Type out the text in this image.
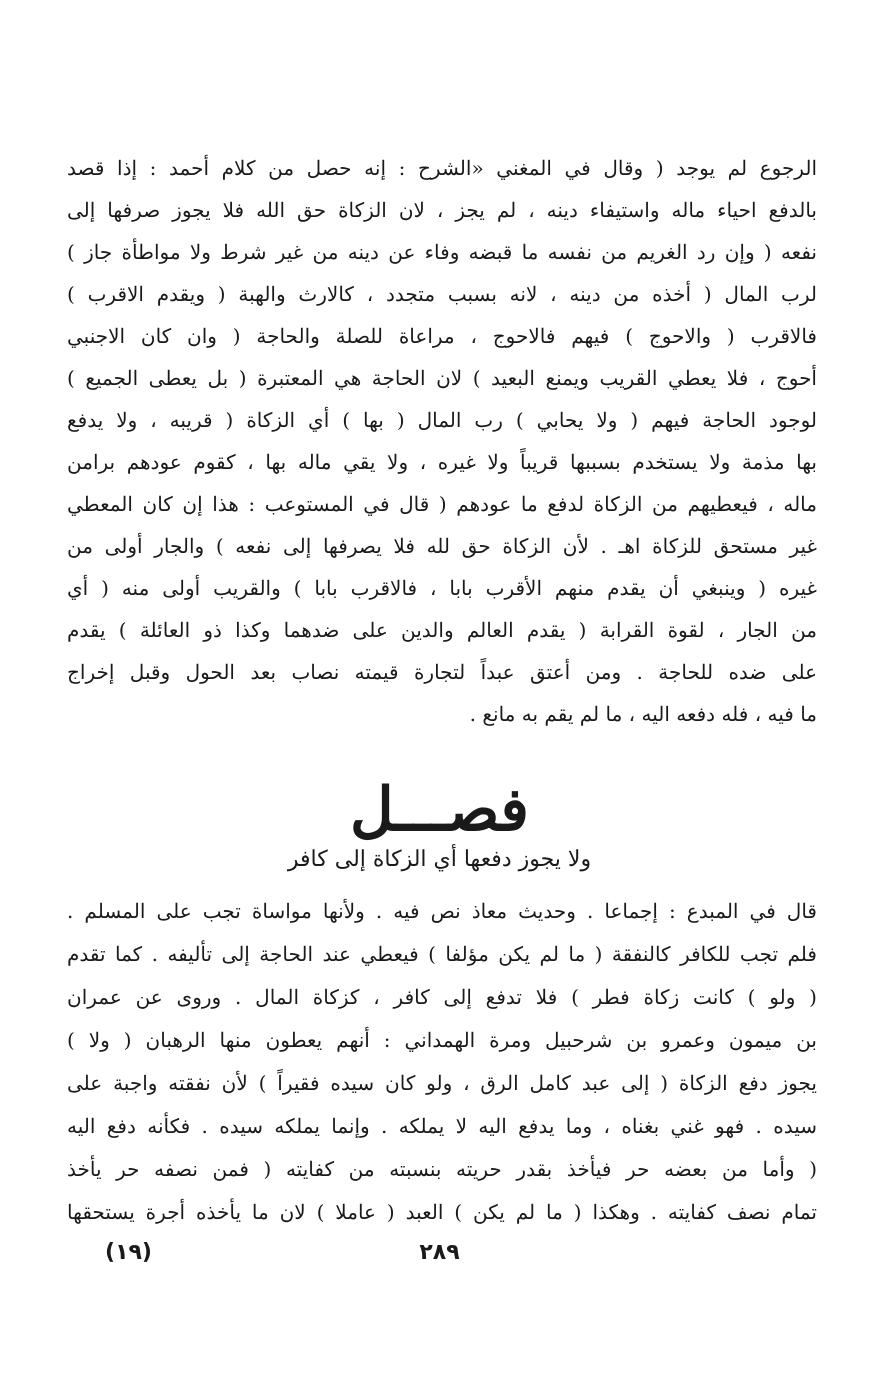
الرجوع لم يوجد ( وقال في المغني «الشرح : إنه حصل من كلام أحمد : إذا قصد
بالدفع احياء ماله واستيفاء دينه ، لم يجز ، لان الزكاة حق الله فلا يجوز صرفها إلى
نفعه ( وإن رد الغريم من نفسه ما قبضه وفاء عن دينه من غير شرط ولا مواطأة جاز )
لرب المال ( أخذه من دينه ، لانه بسبب متجدد ، كالارث والهبة ( ويقدم الاقرب )
فالاقرب ( والاحوج ) فيهم فالاحوج ، مراعاة للصلة والحاجة ( وان كان الاجنبي
أحوج ، فلا يعطي القريب ويمنع البعيد ) لان الحاجة هي المعتبرة ( بل يعطى الجميع )
لوجود الحاجة فيهم ( ولا يحابي ) رب المال ( بها ) أي الزكاة ( قريبه ، ولا يدفع
بها مذمة ولا يستخدم بسببها قريباً ولا غيره ، ولا يقي ماله بها ، كقوم عودهم برامن
ماله ، فيعطيهم من الزكاة لدفع ما عودهم ( قال في المستوعب : هذا إن كان المعطي
غير مستحق للزكاة اهـ . لأن الزكاة حق لله فلا يصرفها إلى نفعه ) والجار أولى من
غيره ( وينبغي أن يقدم منهم الأقرب بابا ، فالاقرب بابا ) والقريب أولى منه ( أي
من الجار ، لقوة القرابة ( يقدم العالم والدين على ضدهما وكذا ذو العائلة ) يقدم
على ضده للحاجة . ومن أعتق عبداً لتجارة قيمته نصاب بعد الحول وقبل إخراج
ما فيه ، فله دفعه اليه ، ما لم يقم به مانع .
فصـــل
ولا يجوز دفعها أي الزكاة إلى كافر
قال في المبدع : إجماعا . وحديث معاذ نص فيه . ولأنها مواساة تجب على المسلم .
فلم تجب للكافر كالنفقة ( ما لم يكن مؤلفا ) فيعطي عند الحاجة إلى تأليفه . كما تقدم
( ولو ) كانت زكاة فطر ) فلا تدفع إلى كافر ، كزكاة المال . وروى عن عمران
بن ميمون وعمرو بن شرحبيل ومرة الهمداني : أنهم يعطون منها الرهبان ( ولا )
يجوز دفع الزكاة ( إلى عبد كامل الرق ، ولو كان سيده فقيراً ) لأن نفقته واجبة على
سيده . فهو غني بغناه ، وما يدفع اليه لا يملكه . وإنما يملكه سيده . فكأنه دفع اليه
( وأما من بعضه حر فيأخذ بقدر حريته بنسبته من كفايته ( فمن نصفه حر يأخذ
تمام نصف كفايته . وهكذا ( ما لم يكن ) العبد ( عاملا ) لان ما يأخذه أجرة يستحقها
٢٨٩
(١٩)
